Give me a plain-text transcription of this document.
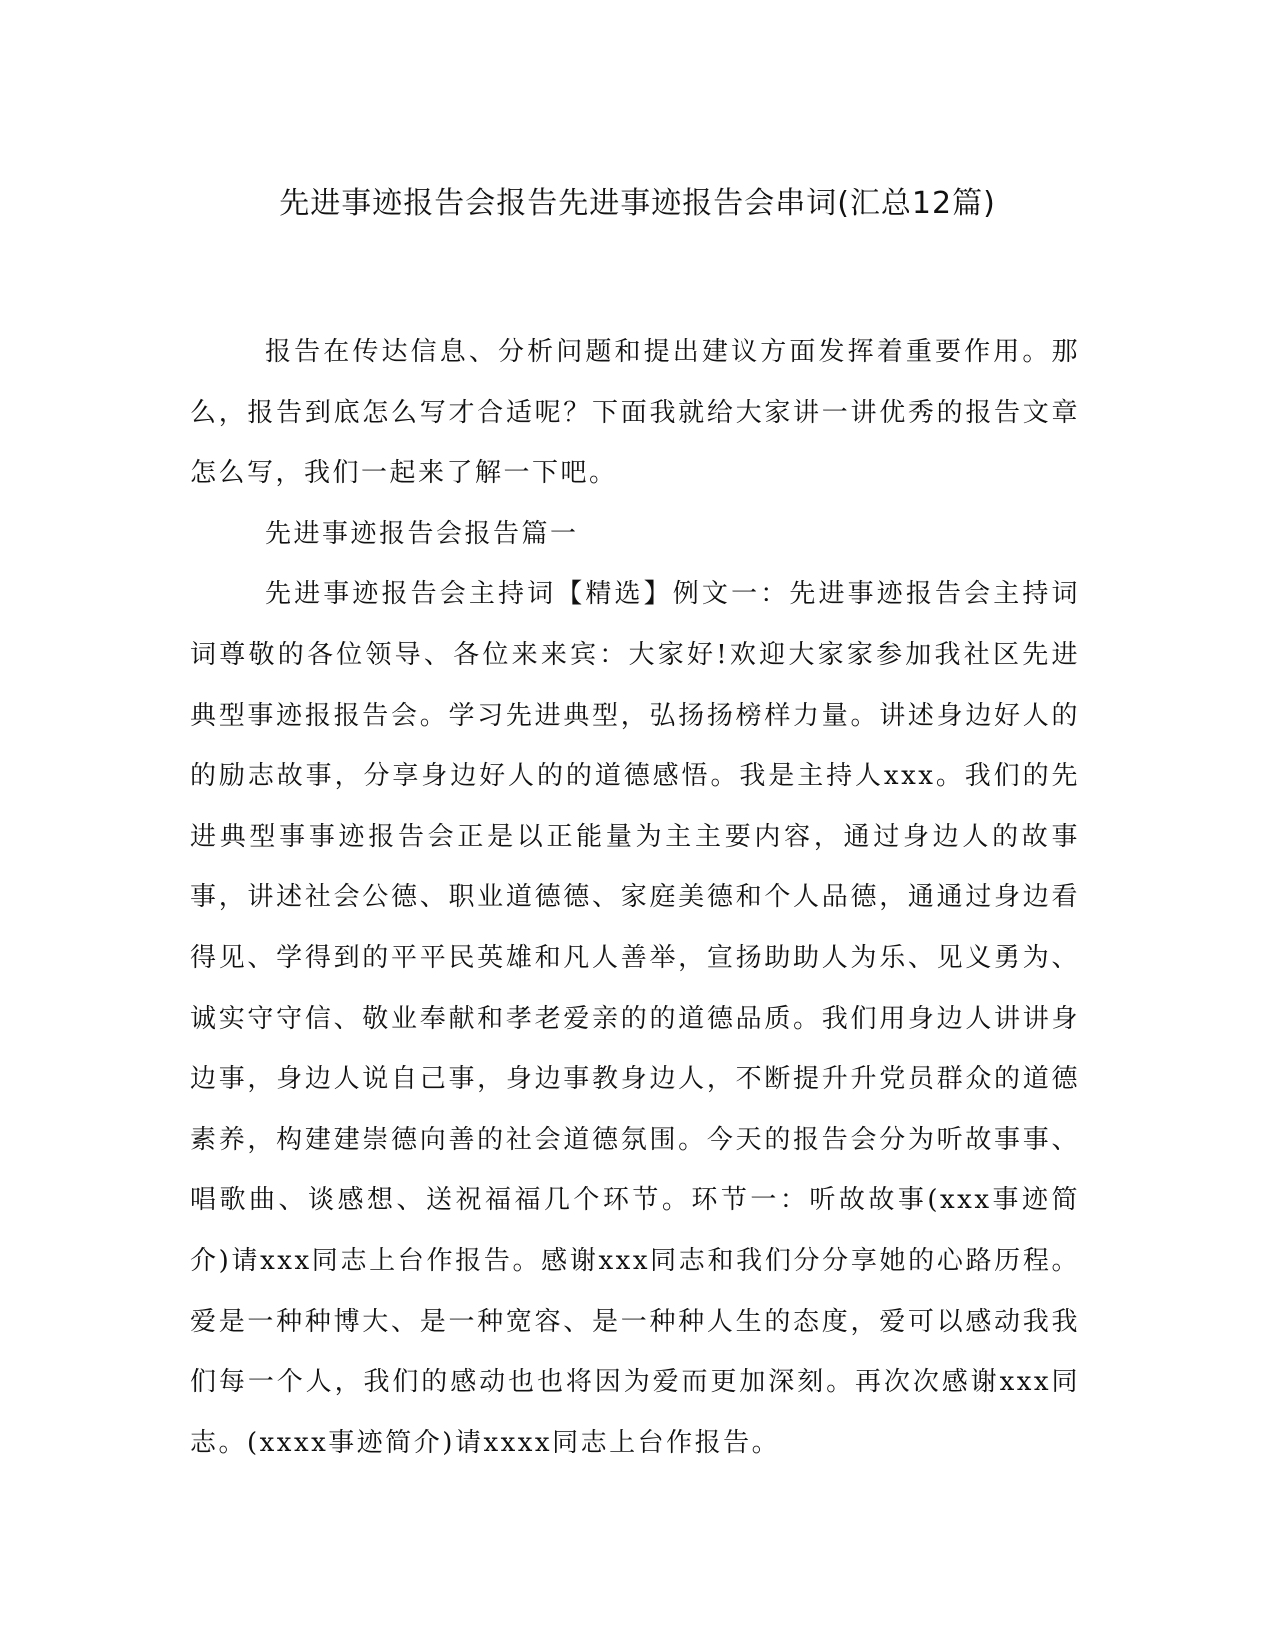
先进事迹报告会报告先进事迹报告会串词(汇总12篇)

报告在传达信息、分析问题和提出建议方面发挥着重要作用。那么，报告到底怎么写才合适呢？下面我就给大家讲一讲优秀的报告文章怎么写，我们一起来了解一下吧。

先进事迹报告会报告篇一

先进事迹报告会主持词【精选】例文一：先进事迹报告会主持词词尊敬的各位领导、各位来来宾：大家好!欢迎大家家参加我社区先进典型事迹报报告会。学习先进典型，弘扬扬榜样力量。讲述身边好人的的励志故事，分享身边好人的的道德感悟。我是主持人xxx。我们的先进典型事事迹报告会正是以正能量为主主要内容，通过身边人的故事事，讲述社会公德、职业道德德、家庭美德和个人品德，通通过身边看得见、学得到的平平民英雄和凡人善举，宣扬助助人为乐、见义勇为、诚实守守信、敬业奉献和孝老爱亲的的道德品质。我们用身边人讲讲身边事，身边人说自己事，身边事教身边人，不断提升升党员群众的道德素养，构建建崇德向善的社会道德氛围。今天的报告会分为听故事事、唱歌曲、谈感想、送祝福福几个环节。环节一：听故故事(xxx事迹简介)请xxx同志上台作报告。感谢xxx同志和我们分分享她的心路历程。爱是一种种博大、是一种宽容、是一种种人生的态度，爱可以感动我我们每一个人，我们的感动也也将因为爱而更加深刻。再次次感谢xxx同志。(xxxx事迹简介)请xxxx同志上台作报告。
